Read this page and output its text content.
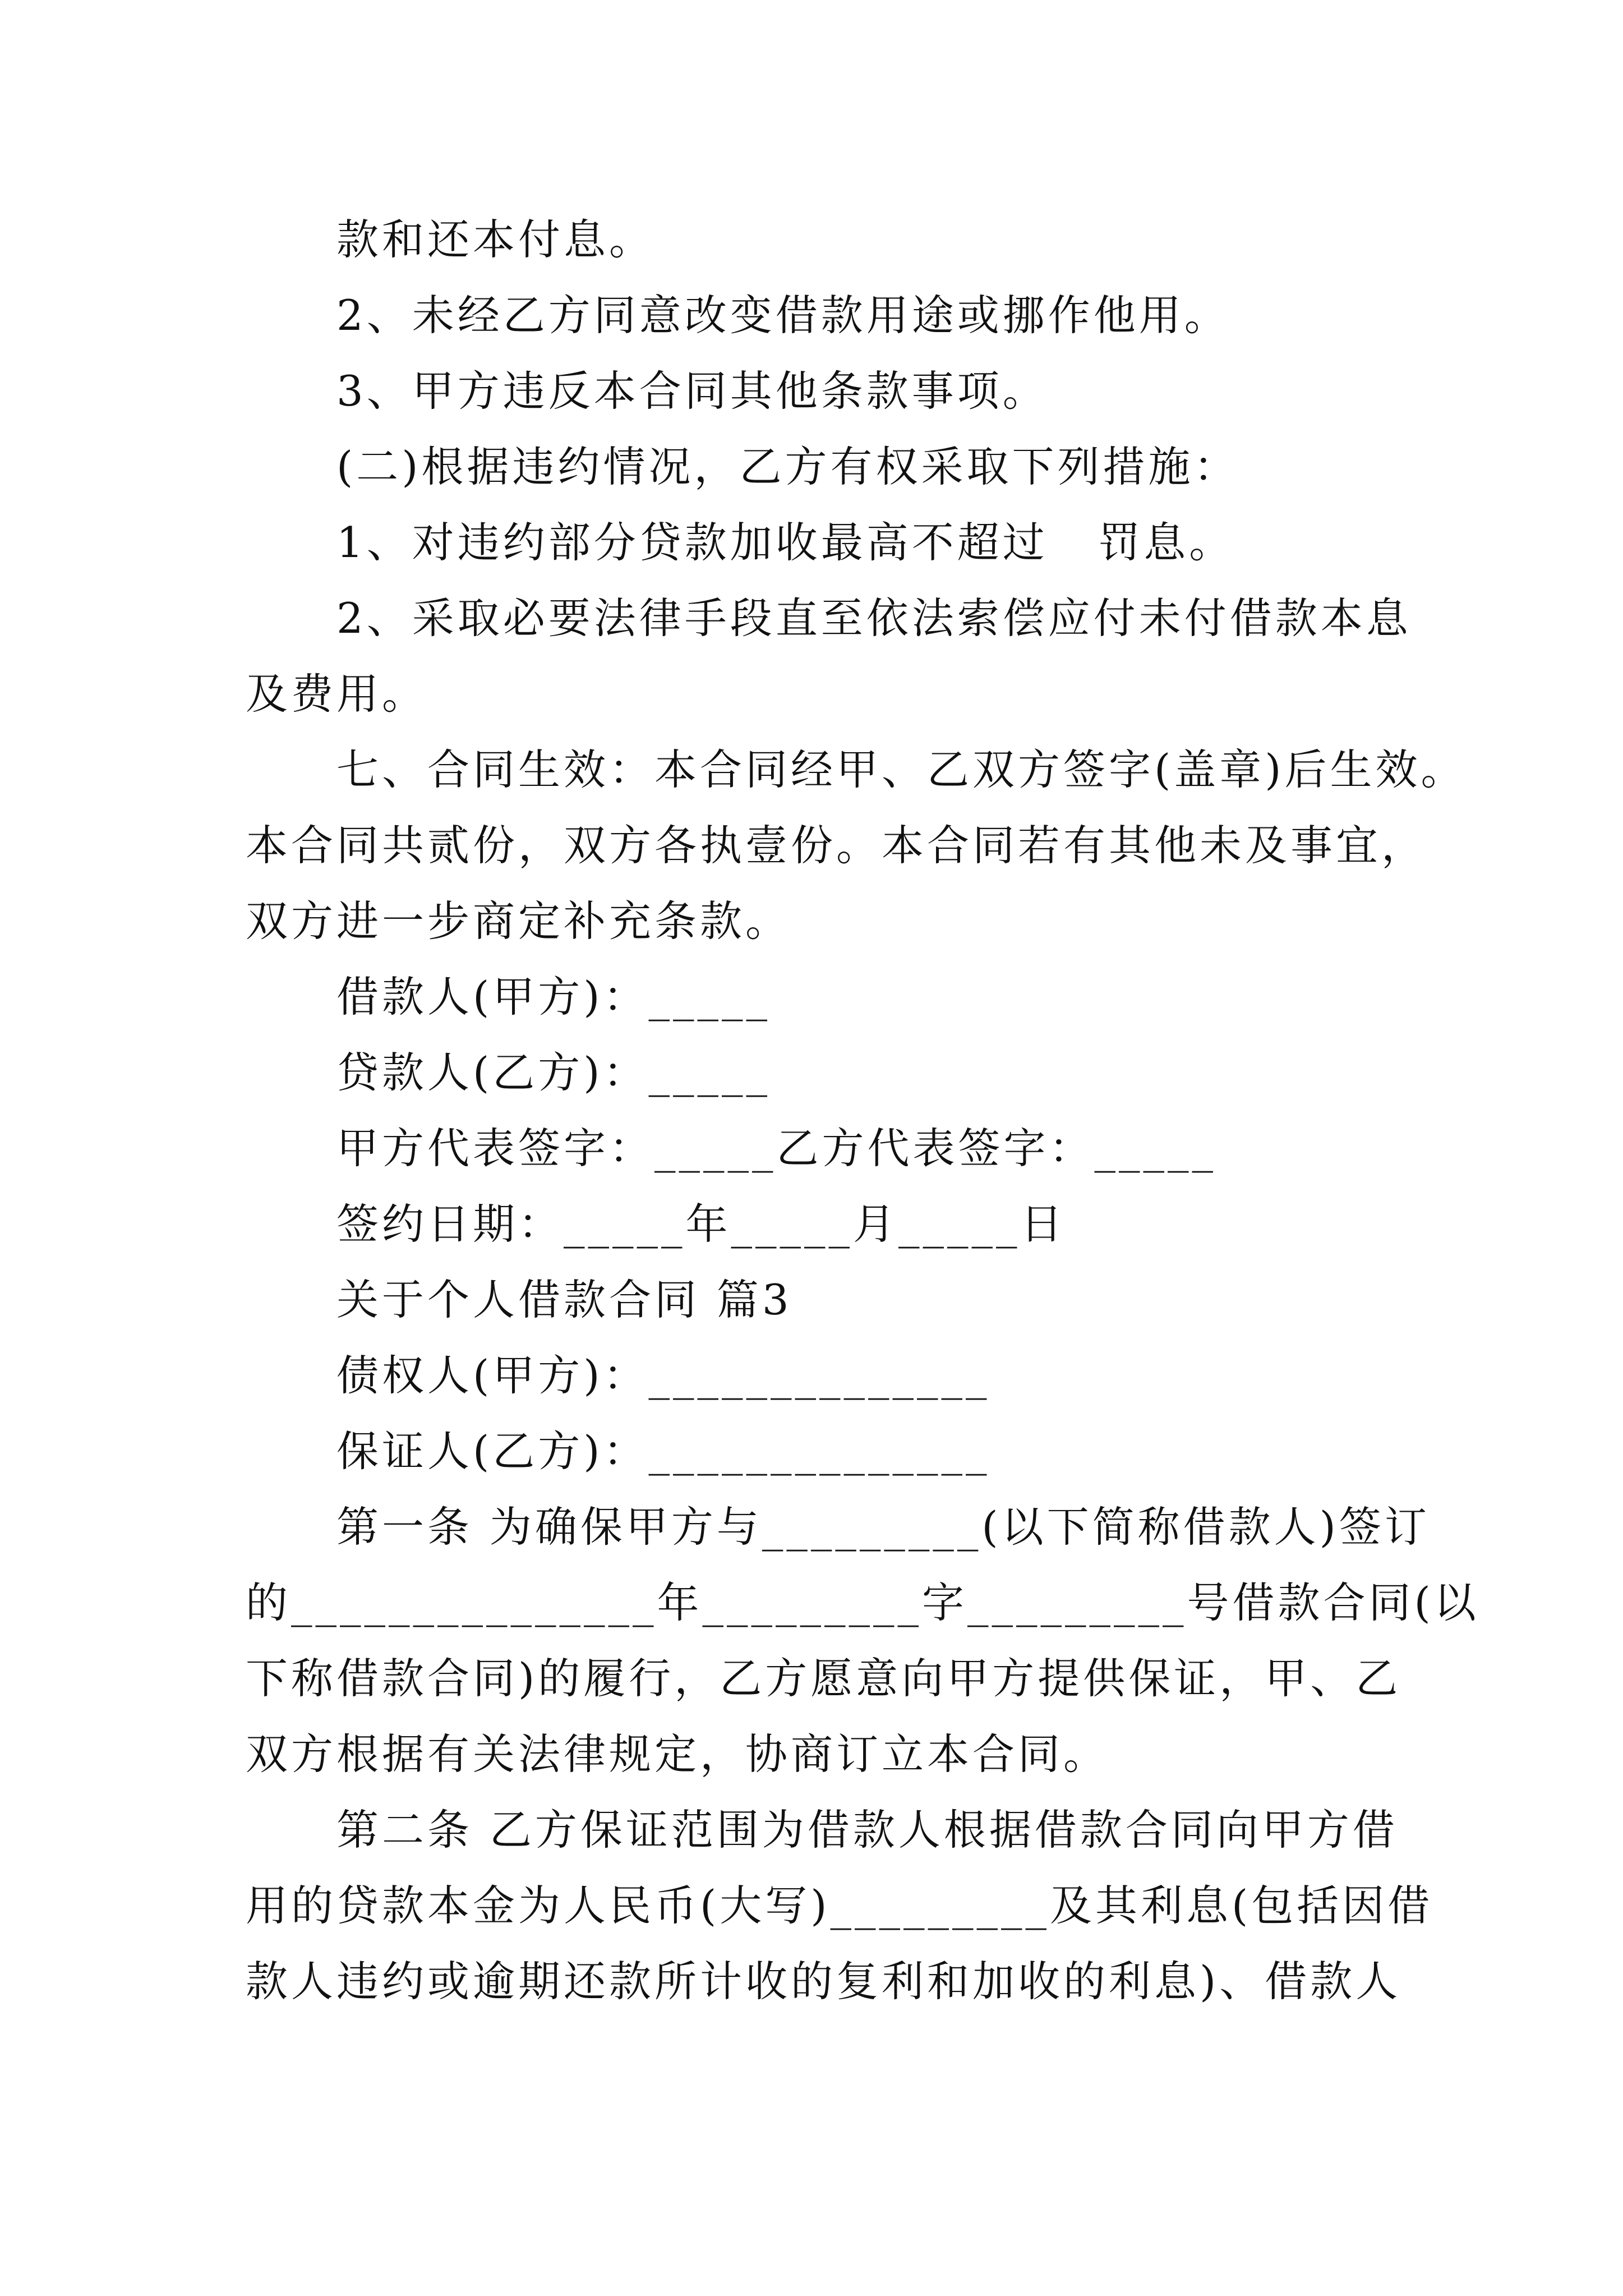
款和还本付息。
2、未经乙方同意改变借款用途或挪作他用。
3、甲方违反本合同其他条款事项。
(二)根据违约情况，乙方有权采取下列措施：
1、对违约部分贷款加收最高不超过   罚息。
2、采取必要法律手段直至依法索偿应付未付借款本息
及费用。
七、合同生效：本合同经甲、乙双方签字(盖章)后生效。
本合同共贰份，双方各执壹份。本合同若有其他未及事宜，
双方进一步商定补充条款。
借款人(甲方)：_____
贷款人(乙方)：_____
甲方代表签字：_____乙方代表签字：_____
签约日期：_____年_____月_____日
关于个人借款合同 篇3
债权人(甲方)：______________
保证人(乙方)：______________
第一条 为确保甲方与_________(以下简称借款人)签订
的_______________年_________字_________号借款合同(以
下称借款合同)的履行，乙方愿意向甲方提供保证，甲、乙
双方根据有关法律规定，协商订立本合同。
第二条 乙方保证范围为借款人根据借款合同向甲方借
用的贷款本金为人民币(大写)_________及其利息(包括因借
款人违约或逾期还款所计收的复利和加收的利息)、借款人
